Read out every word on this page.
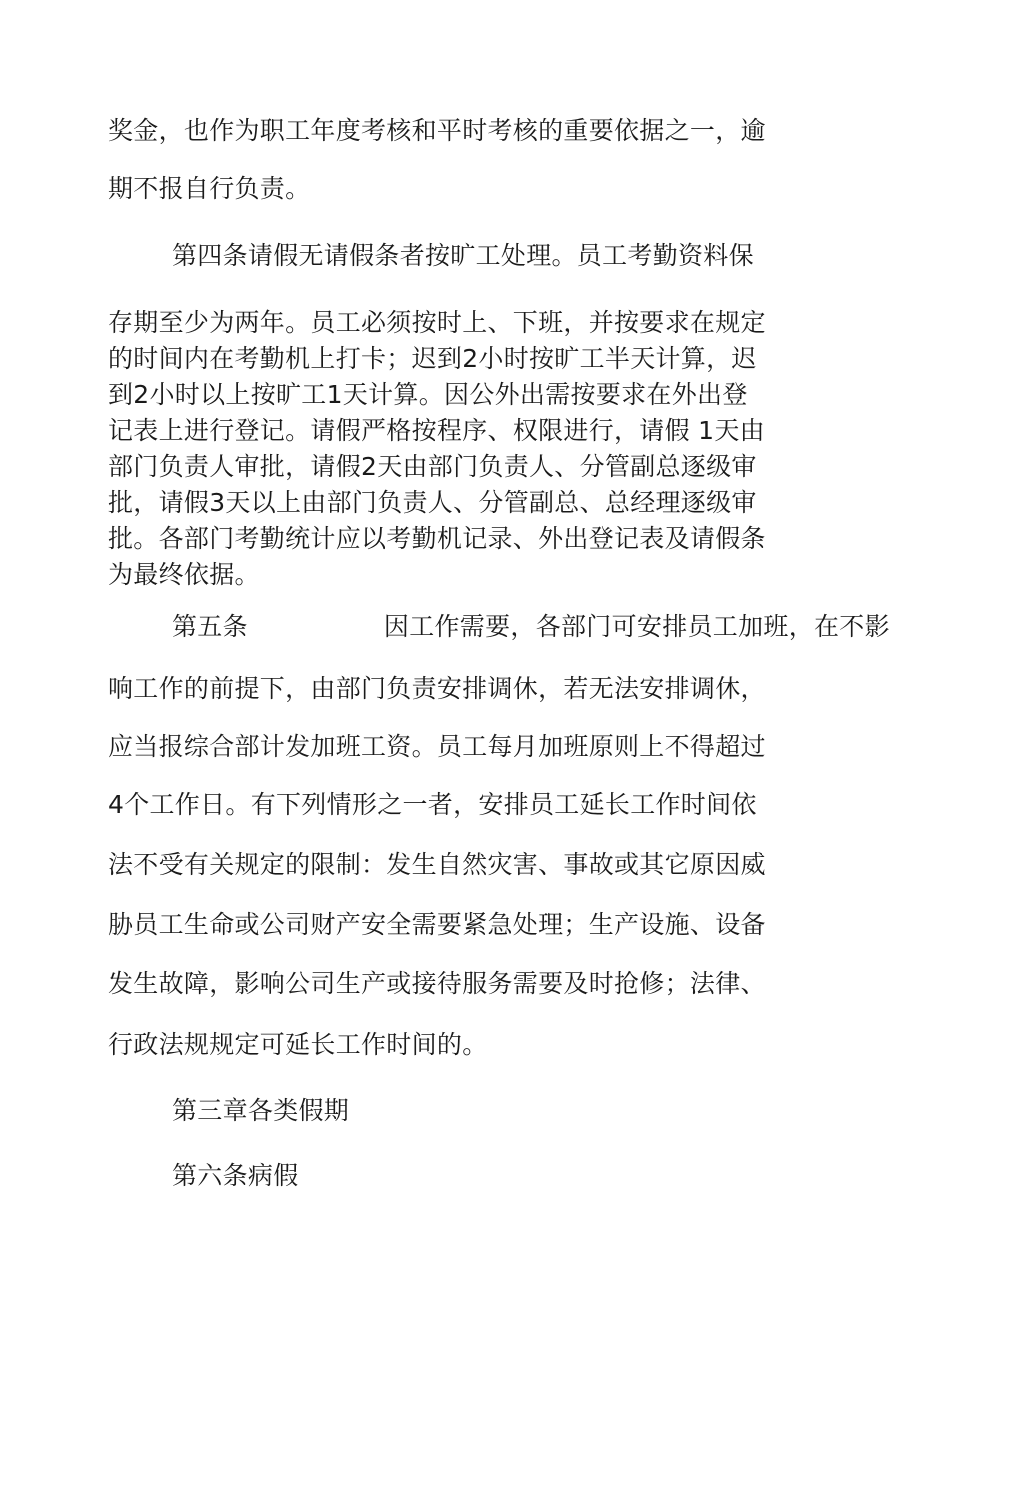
奖金，也作为职工年度考核和平时考核的重要依据之一，逾

期不报自行负责。

第四条请假无请假条者按旷工处理。员工考勤资料保

存期至少为两年。员工必须按时上、下班，并按要求在规定
的时间内在考勤机上打卡；迟到2小时按旷工半天计算，迟
到2小时以上按旷工1天计算。因公外出需按要求在外出登
记表上进行登记。请假严格按程序、权限进行，请假 1天由
部门负责人审批，请假2天由部门负责人、分管副总逐级审
批，请假3天以上由部门负责人、分管副总、总经理逐级审
批。各部门考勤统计应以考勤机记录、外出登记表及请假条
为最终依据。

第五条	因工作需要，各部门可安排员工加班，在不影

响工作的前提下，由部门负责安排调休，若无法安排调休，

应当报综合部计发加班工资。员工每月加班原则上不得超过

4个工作日。有下列情形之一者，安排员工延长工作时间依

法不受有关规定的限制：发生自然灾害、事故或其它原因威

胁员工生命或公司财产安全需要紧急处理；生产设施、设备

发生故障，影响公司生产或接待服务需要及时抢修；法律、

行政法规规定可延长工作时间的。

第三章各类假期

第六条病假
